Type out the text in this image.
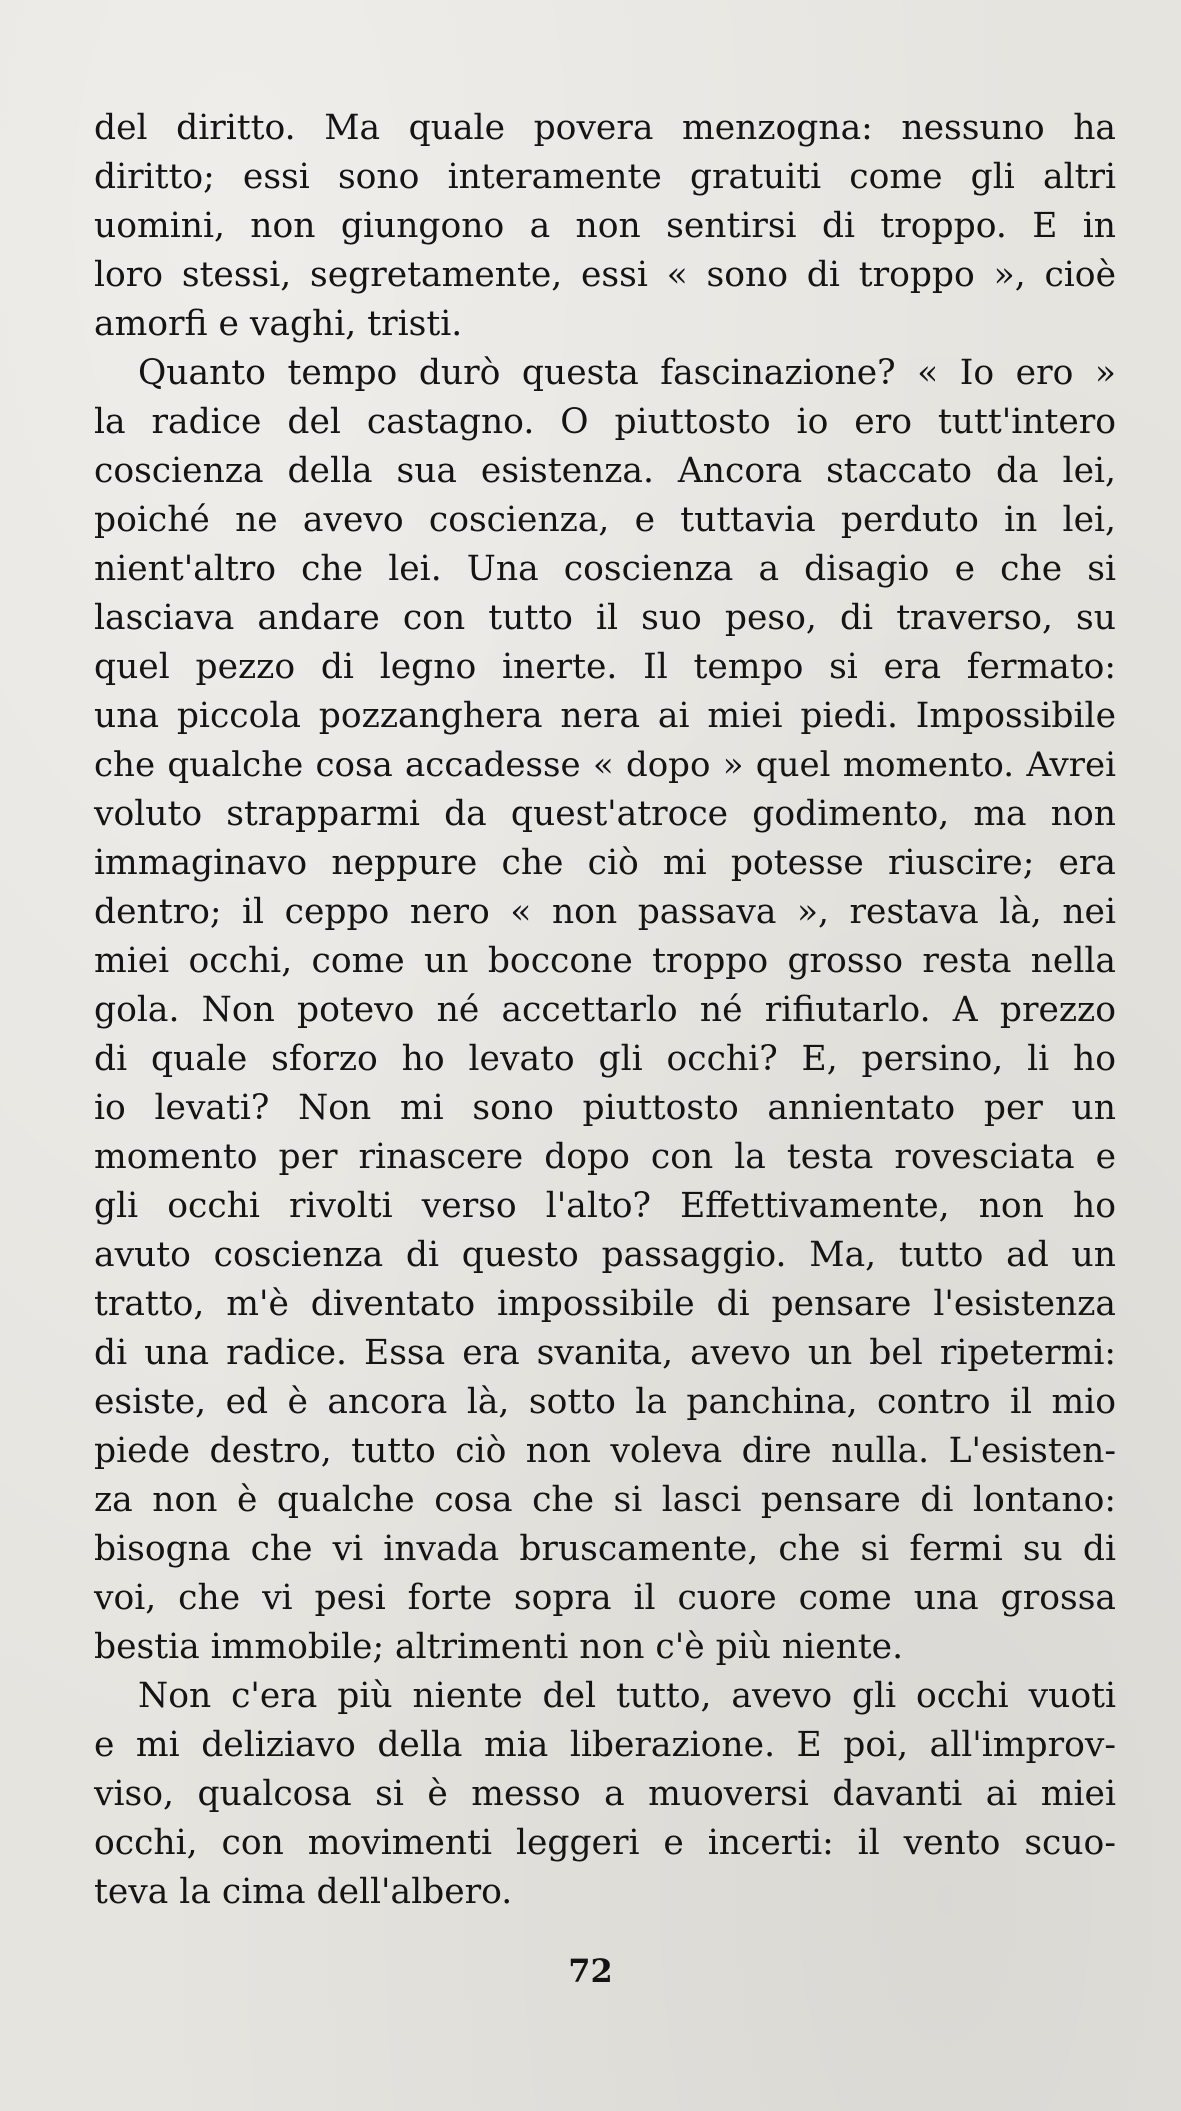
del diritto. Ma quale povera menzogna: nessuno ha
diritto; essi sono interamente gratuiti come gli altri
uomini, non giungono a non sentirsi di troppo. E in
loro stessi, segretamente, essi « sono di troppo », cioè
amorfi e vaghi, tristi.
Quanto tempo durò questa fascinazione? « Io ero »
la radice del castagno. O piuttosto io ero tutt'intero
coscienza della sua esistenza. Ancora staccato da lei,
poiché ne avevo coscienza, e tuttavia perduto in lei,
nient'altro che lei. Una coscienza a disagio e che si
lasciava andare con tutto il suo peso, di traverso, su
quel pezzo di legno inerte. Il tempo si era fermato:
una piccola pozzanghera nera ai miei piedi. Impossibile
che qualche cosa accadesse « dopo » quel momento. Avrei
voluto strapparmi da quest'atroce godimento, ma non
immaginavo neppure che ciò mi potesse riuscire; era
dentro; il ceppo nero « non passava », restava là, nei
miei occhi, come un boccone troppo grosso resta nella
gola. Non potevo né accettarlo né rifiutarlo. A prezzo
di quale sforzo ho levato gli occhi? E, persino, li ho
io levati? Non mi sono piuttosto annientato per un
momento per rinascere dopo con la testa rovesciata e
gli occhi rivolti verso l'alto? Effettivamente, non ho
avuto coscienza di questo passaggio. Ma, tutto ad un
tratto, m'è diventato impossibile di pensare l'esistenza
di una radice. Essa era svanita, avevo un bel ripetermi:
esiste, ed è ancora là, sotto la panchina, contro il mio
piede destro, tutto ciò non voleva dire nulla. L'esisten-
za non è qualche cosa che si lasci pensare di lontano:
bisogna che vi invada bruscamente, che si fermi su di
voi, che vi pesi forte sopra il cuore come una grossa
bestia immobile; altrimenti non c'è più niente.
Non c'era più niente del tutto, avevo gli occhi vuoti
e mi deliziavo della mia liberazione. E poi, all'improv-
viso, qualcosa si è messo a muoversi davanti ai miei
occhi, con movimenti leggeri e incerti: il vento scuo-
teva la cima dell'albero.
72
